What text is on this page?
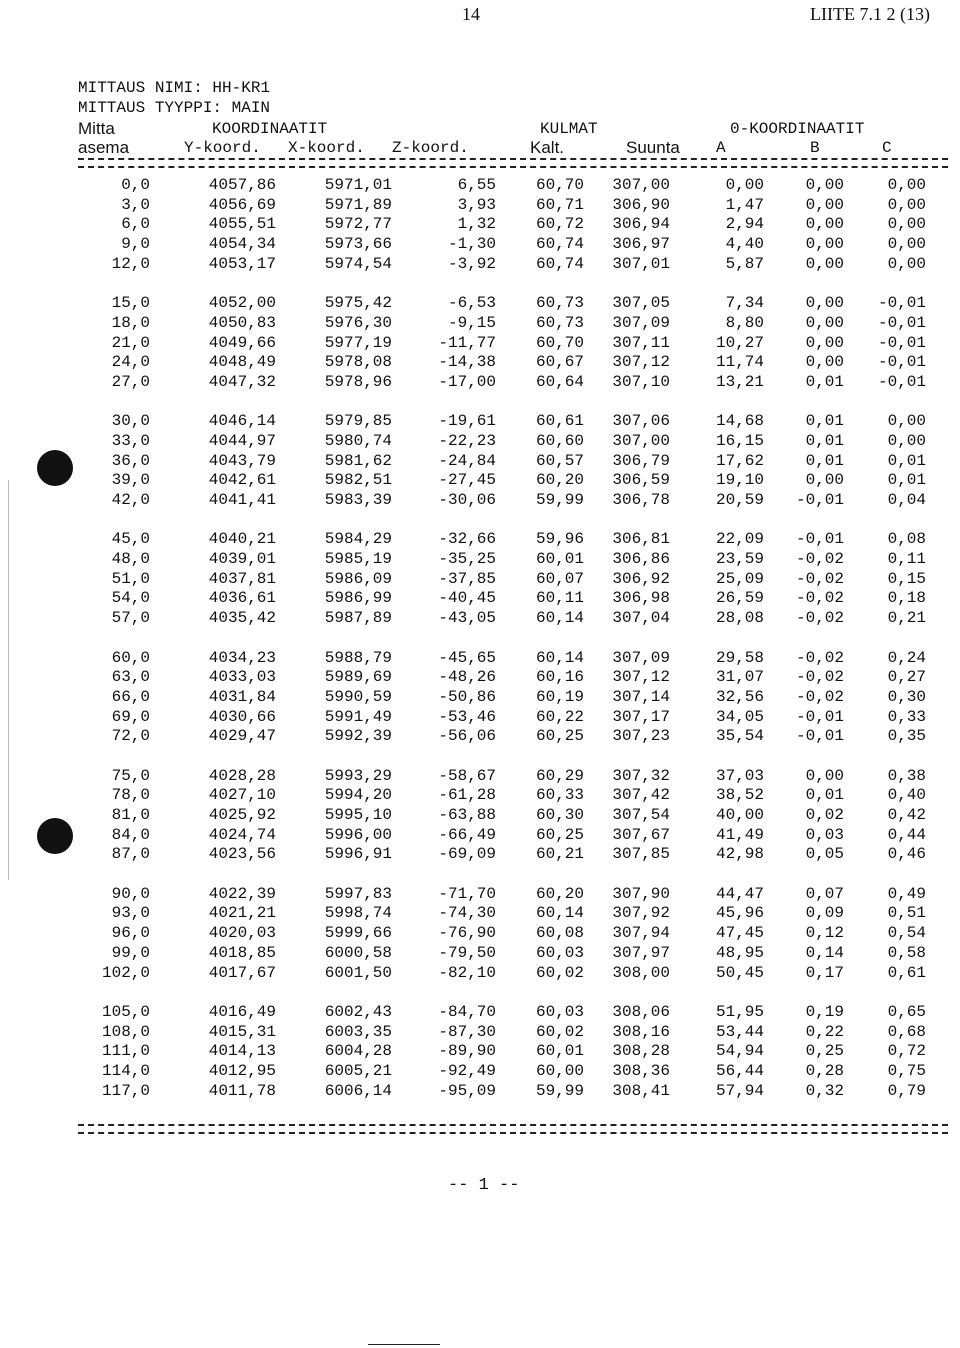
14	LIITE 7.1 2 (13)
MITTAUS NIMI: HH-KR1
MITTAUS TYYPPI: MAIN
Mitta	KOORDINAATIT	KULMAT	0-KOORDINAATIT
asema	Y-koord. X-koord. Z-koord.	Kalt.	Suunta A	B	C
0,0	4057,86	5971,01	6,55 60,70 307,00	0,00	0,00	0,00
3,0	4056,69	5971,89	3,93 60,71 306,90	1,47	0,00	0,00
6,0	4055,51	5972,77	1,32 60,72 306,94	2,94	0,00	0,00
9,0	4054,34	5973,66	-1,30 60,74 306,97	4,40	0,00	0,00
12,0	4053,17	5974,54	-3,92 60,74 307,01	5,87	0,00	0,00
15,0	4052,00	5975,42	-6,53 60,73 307,05	7,34	0,00 -0,01
18,0	4050,83	5976,30	-9,15 60,73 307,09	8,80	0,00 -0,01
21,0	4049,66	5977,19	-11,77 60,70 307,11	10,27	0,00 -0,01
24,0	4048,49	5978,08	-14,38 60,67 307,12	11,74	0,00 -0,01
27,0	4047,32	5978,96	-17,00 60,64 307,10	13,21	0,01 -0,01
30,0	4046,14	5979,85	-19,61 60,61 307,06	14,68	0,01	0,00
33,0	4044,97	5980,74	-22,23 60,60 307,00	16,15	0,01	0,00
36,0	4043,79	5981,62	-24,84 60,57 306,79	17,62	0,01	0,01
39,0	4042,61	5982,51	-27,45 60,20 306,59	19,10	0,00	0,01
42,0	4041,41	5983,39	-30,06 59,99 306,78	20,59 -0,01	0,04
45,0	4040,21	5984,29	-32,66 59,96 306,81	22,09 -0,01	0,08
48,0	4039,01	5985,19	-35,25 60,01 306,86	23,59 -0,02	0,11
51,0	4037,81	5986,09	-37,85 60,07 306,92	25,09 -0,02	0,15
54,0	4036,61	5986,99	-40,45 60,11 306,98	26,59 -0,02	0,18
57,0	4035,42	5987,89	-43,05 60,14 307,04	28,08 -0,02	0,21
60,0	4034,23	5988,79	-45,65 60,14 307,09	29,58 -0,02	0,24
63,0	4033,03	5989,69	-48,26 60,16 307,12	31,07 -0,02	0,27
66,0	4031,84	5990,59	-50,86 60,19 307,14	32,56 -0,02	0,30
69,0	4030,66	5991,49	-53,46 60,22 307,17	34,05 -0,01	0,33
72,0	4029,47	5992,39	-56,06 60,25 307,23	35,54 -0,01	0,35
75,0	4028,28	5993,29	-58,67 60,29 307,32	37,03	0,00	0,38
78,0	4027,10	5994,20	-61,28 60,33 307,42	38,52	0,01	0,40
81,0	4025,92	5995,10	-63,88 60,30 307,54	40,00	0,02	0,42
84,0	4024,74	5996,00	-66,49 60,25 307,67	41,49	0,03	0,44
87,0	4023,56	5996,91	-69,09 60,21 307,85	42,98	0,05	0,46
90,0	4022,39	5997,83	-71,70 60,20 307,90	44,47	0,07	0,49
93,0	4021,21	5998,74	-74,30 60,14 307,92	45,96	0,09	0,51
96,0	4020,03	5999,66	-76,90 60,08 307,94	47,45	0,12	0,54
99,0	4018,85	6000,58	-79,50 60,03 307,97	48,95	0,14	0,58
102,0	4017,67	6001,50	-82,10 60,02 308,00	50,45	0,17	0,61
105,0	4016,49	6002,43	-84,70 60,03 308,06	51,95	0,19	0,65
108,0	4015,31	6003,35	-87,30 60,02 308,16	53,44	0,22	0,68
111,0	4014,13	6004,28	-89,90 60,01 308,28	54,94	0,25	0,72
114,0	4012,95	6005,21	-92,49 60,00 308,36	56,44	0,28	0,75
117,0	4011,78	6006,14	-95,09 59,99 308,41	57,94	0,32	0,79
-- 1 --
